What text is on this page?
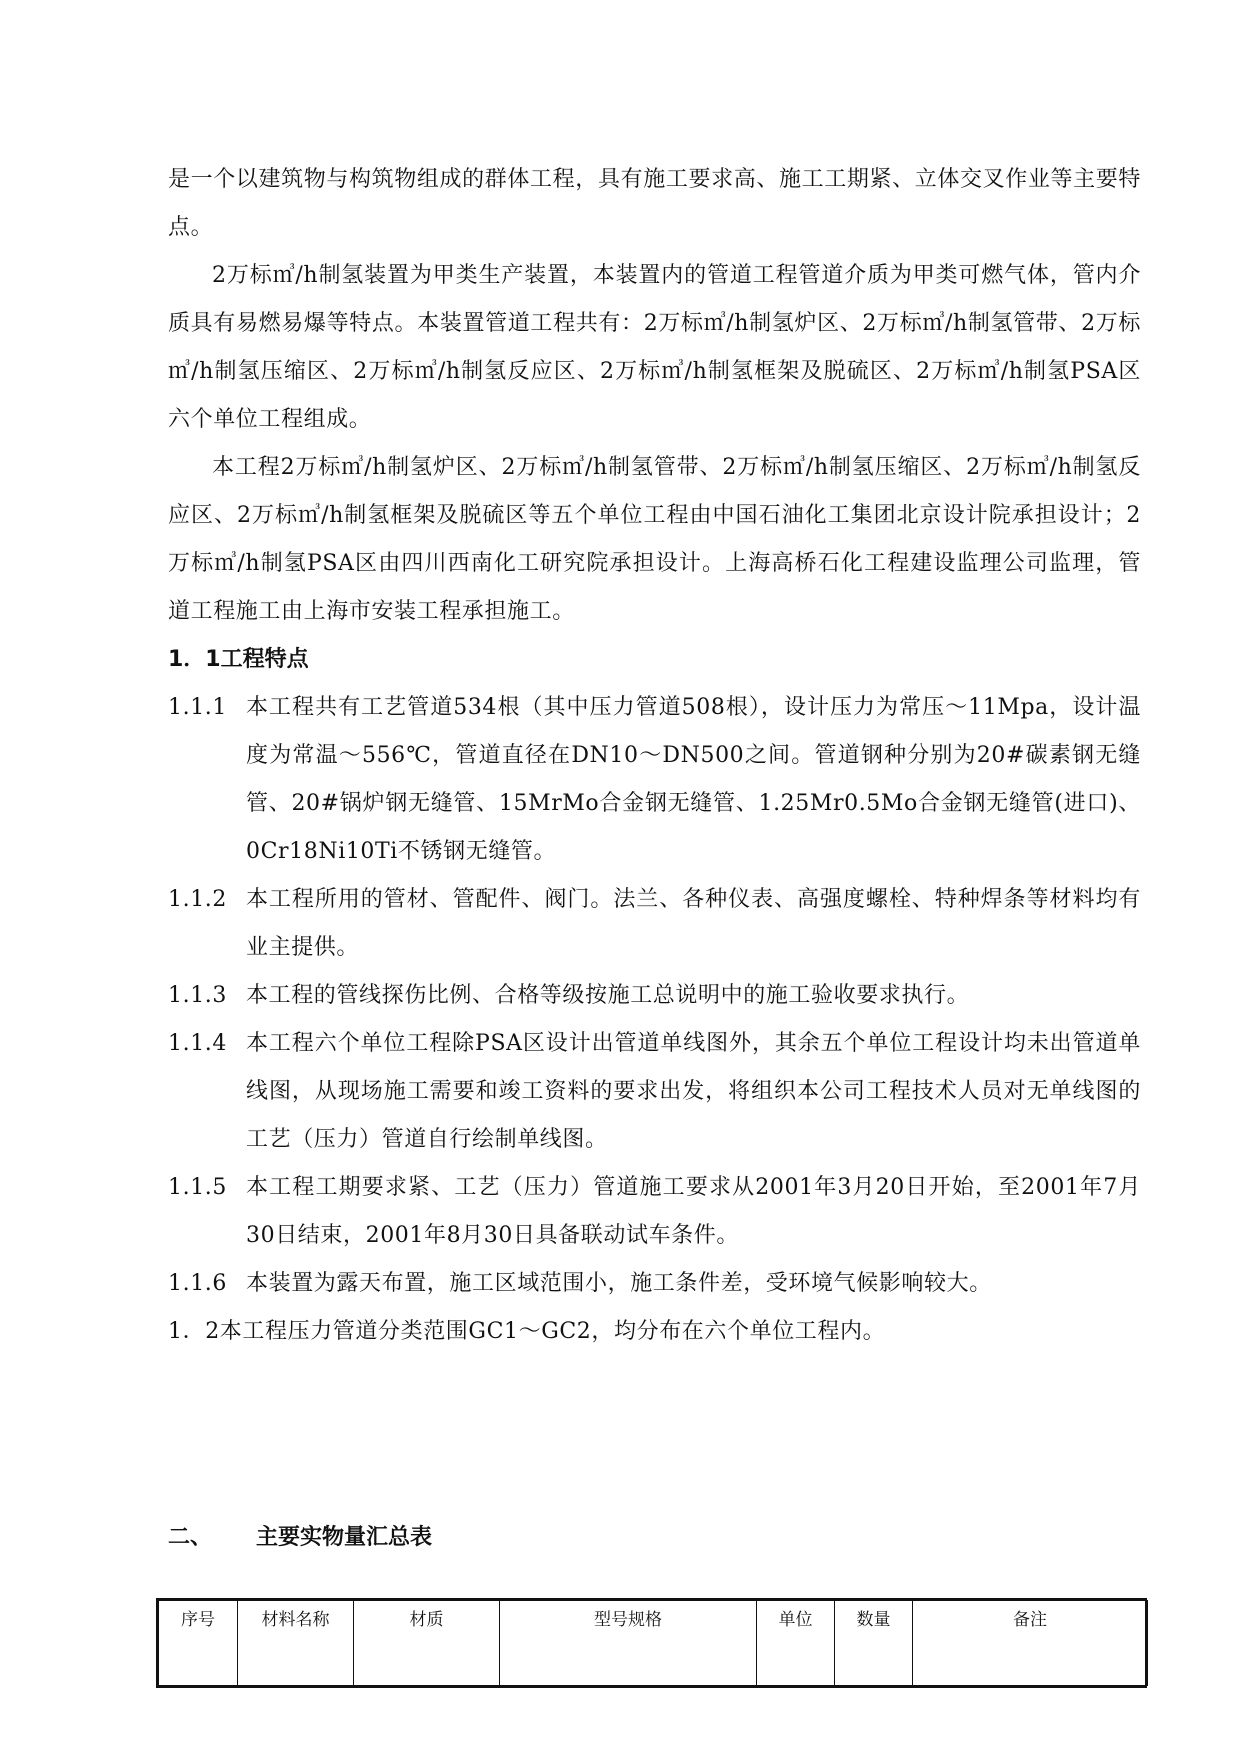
是一个以建筑物与构筑物组成的群体工程，具有施工要求高、施工工期紧、立体交叉作业等主要特点。

2万标㎥/h制氢装置为甲类生产装置，本装置内的管道工程管道介质为甲类可燃气体，管内介质具有易燃易爆等特点。本装置管道工程共有：2万标㎥/h制氢炉区、2万标㎥/h制氢管带、2万标㎥/h制氢压缩区、2万标㎥/h制氢反应区、2万标㎥/h制氢框架及脱硫区、2万标㎥/h制氢PSA区六个单位工程组成。

本工程2万标㎥/h制氢炉区、2万标㎥/h制氢管带、2万标㎥/h制氢压缩区、2万标㎥/h制氢反应区、2万标㎥/h制氢框架及脱硫区等五个单位工程由中国石油化工集团北京设计院承担设计；2万标㎥/h制氢PSA区由四川西南化工研究院承担设计。上海高桥石化工程建设监理公司监理，管道工程施工由上海市安装工程承担施工。

1．1工程特点

1.1.1 本工程共有工艺管道534根（其中压力管道508根），设计压力为常压～11Mpa，设计温度为常温～556℃，管道直径在DN10～DN500之间。管道钢种分别为20#碳素钢无缝管、20#锅炉钢无缝管、15MrMo合金钢无缝管、1.25Mr0.5Mo合金钢无缝管(进口)、0Cr18Ni10Ti不锈钢无缝管。
1.1.2 本工程所用的管材、管配件、阀门。法兰、各种仪表、高强度螺栓、特种焊条等材料均有业主提供。
1.1.3 本工程的管线探伤比例、合格等级按施工总说明中的施工验收要求执行。
1.1.4 本工程六个单位工程除PSA区设计出管道单线图外，其余五个单位工程设计均未出管道单线图，从现场施工需要和竣工资料的要求出发，将组织本公司工程技术人员对无单线图的工艺（压力）管道自行绘制单线图。
1.1.5 本工程工期要求紧、工艺（压力）管道施工要求从2001年3月20日开始，至2001年7月30日结束，2001年8月30日具备联动试车条件。
1.1.6 本装置为露天布置，施工区域范围小，施工条件差，受环境气候影响较大。

1．2本工程压力管道分类范围GC1～GC2，均分布在六个单位工程内。

二、 主要实物量汇总表
序号	材料名称	材质	型号规格	单位	数量	备注
